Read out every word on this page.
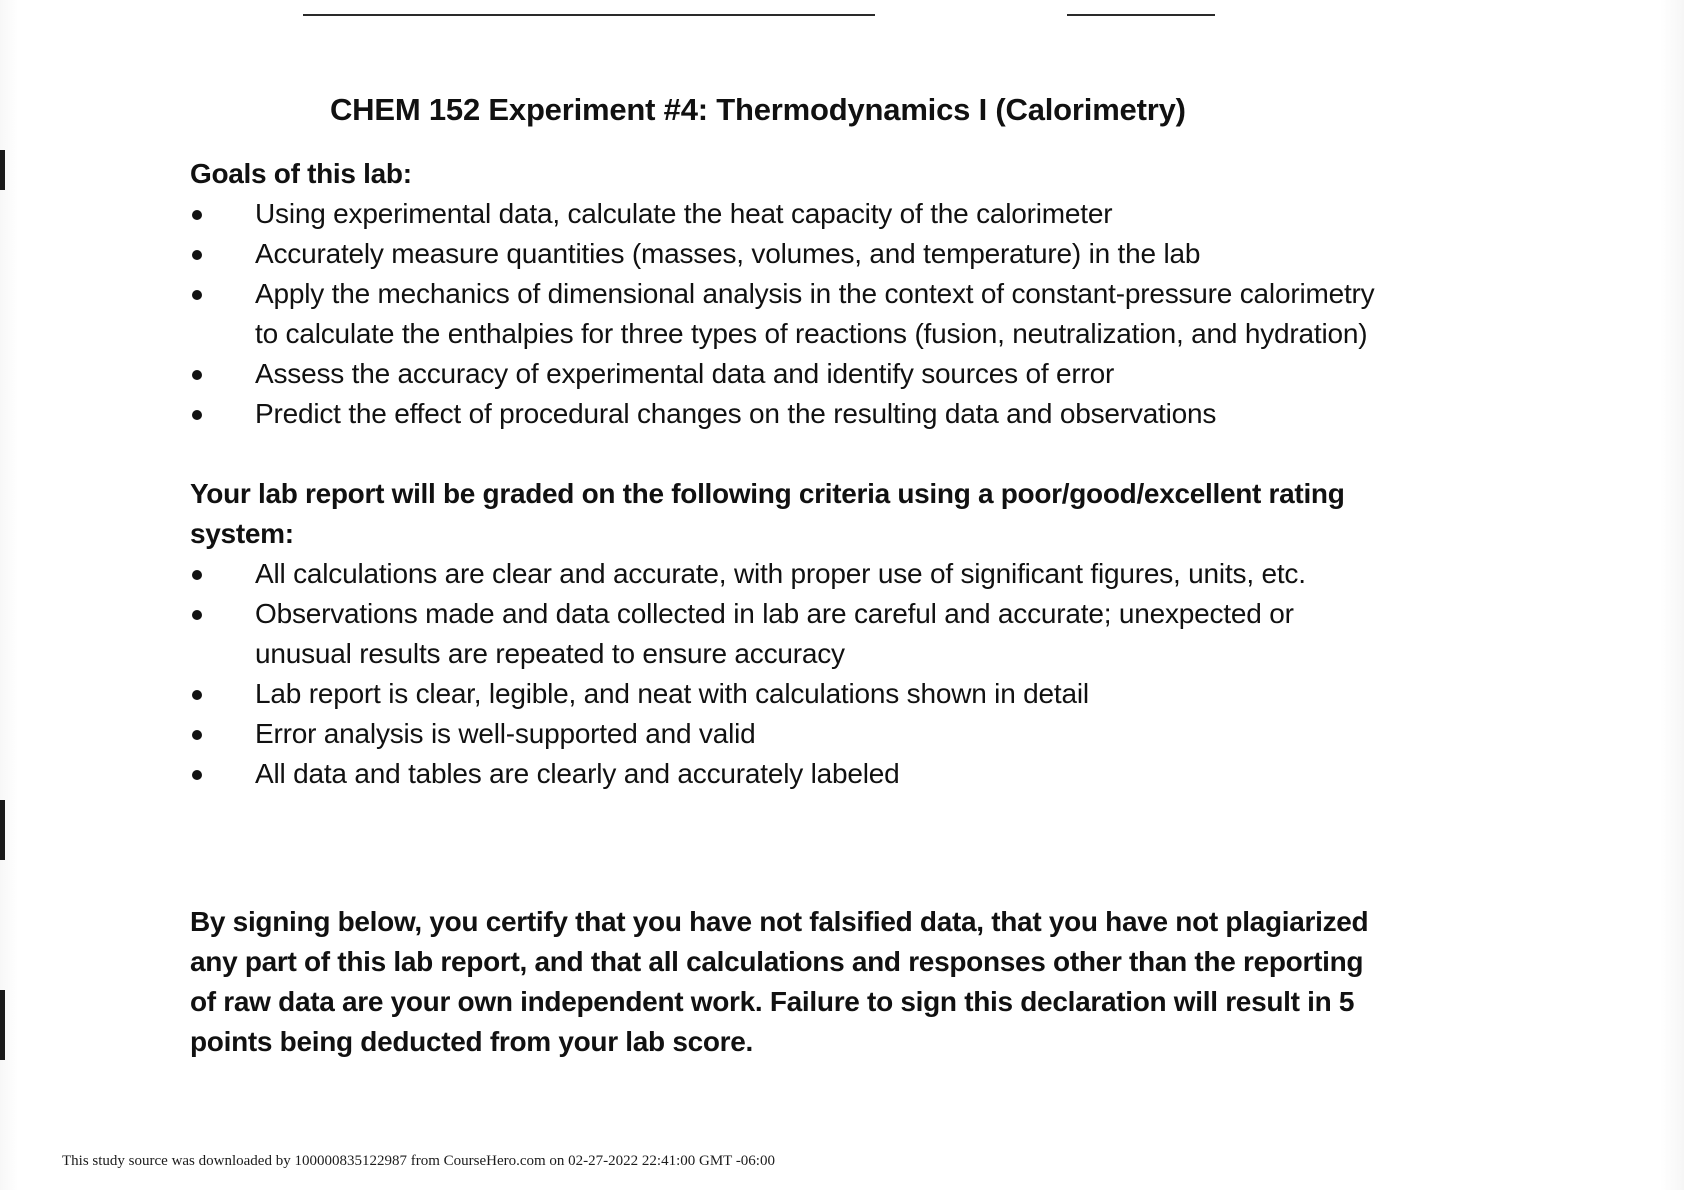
CHEM 152 Experiment #4: Thermodynamics I (Calorimetry)

Goals of this lab:

Using experimental data, calculate the heat capacity of the calorimeter
Accurately measure quantities (masses, volumes, and temperature) in the lab
Apply the mechanics of dimensional analysis in the context of constant-pressure calorimetry to calculate the enthalpies for three types of reactions (fusion, neutralization, and hydration)
Assess the accuracy of experimental data and identify sources of error
Predict the effect of procedural changes on the resulting data and observations

Your lab report will be graded on the following criteria using a poor/good/excellent rating system:

All calculations are clear and accurate, with proper use of significant figures, units, etc.
Observations made and data collected in lab are careful and accurate; unexpected or unusual results are repeated to ensure accuracy
Lab report is clear, legible, and neat with calculations shown in detail
Error analysis is well-supported and valid
All data and tables are clearly and accurately labeled

By signing below, you certify that you have not falsified data, that you have not plagiarized any part of this lab report, and that all calculations and responses other than the reporting of raw data are your own independent work. Failure to sign this declaration will result in 5 points being deducted from your lab score.

This study source was downloaded by 100000835122987 from CourseHero.com on 02-27-2022 22:41:00 GMT -06:00
